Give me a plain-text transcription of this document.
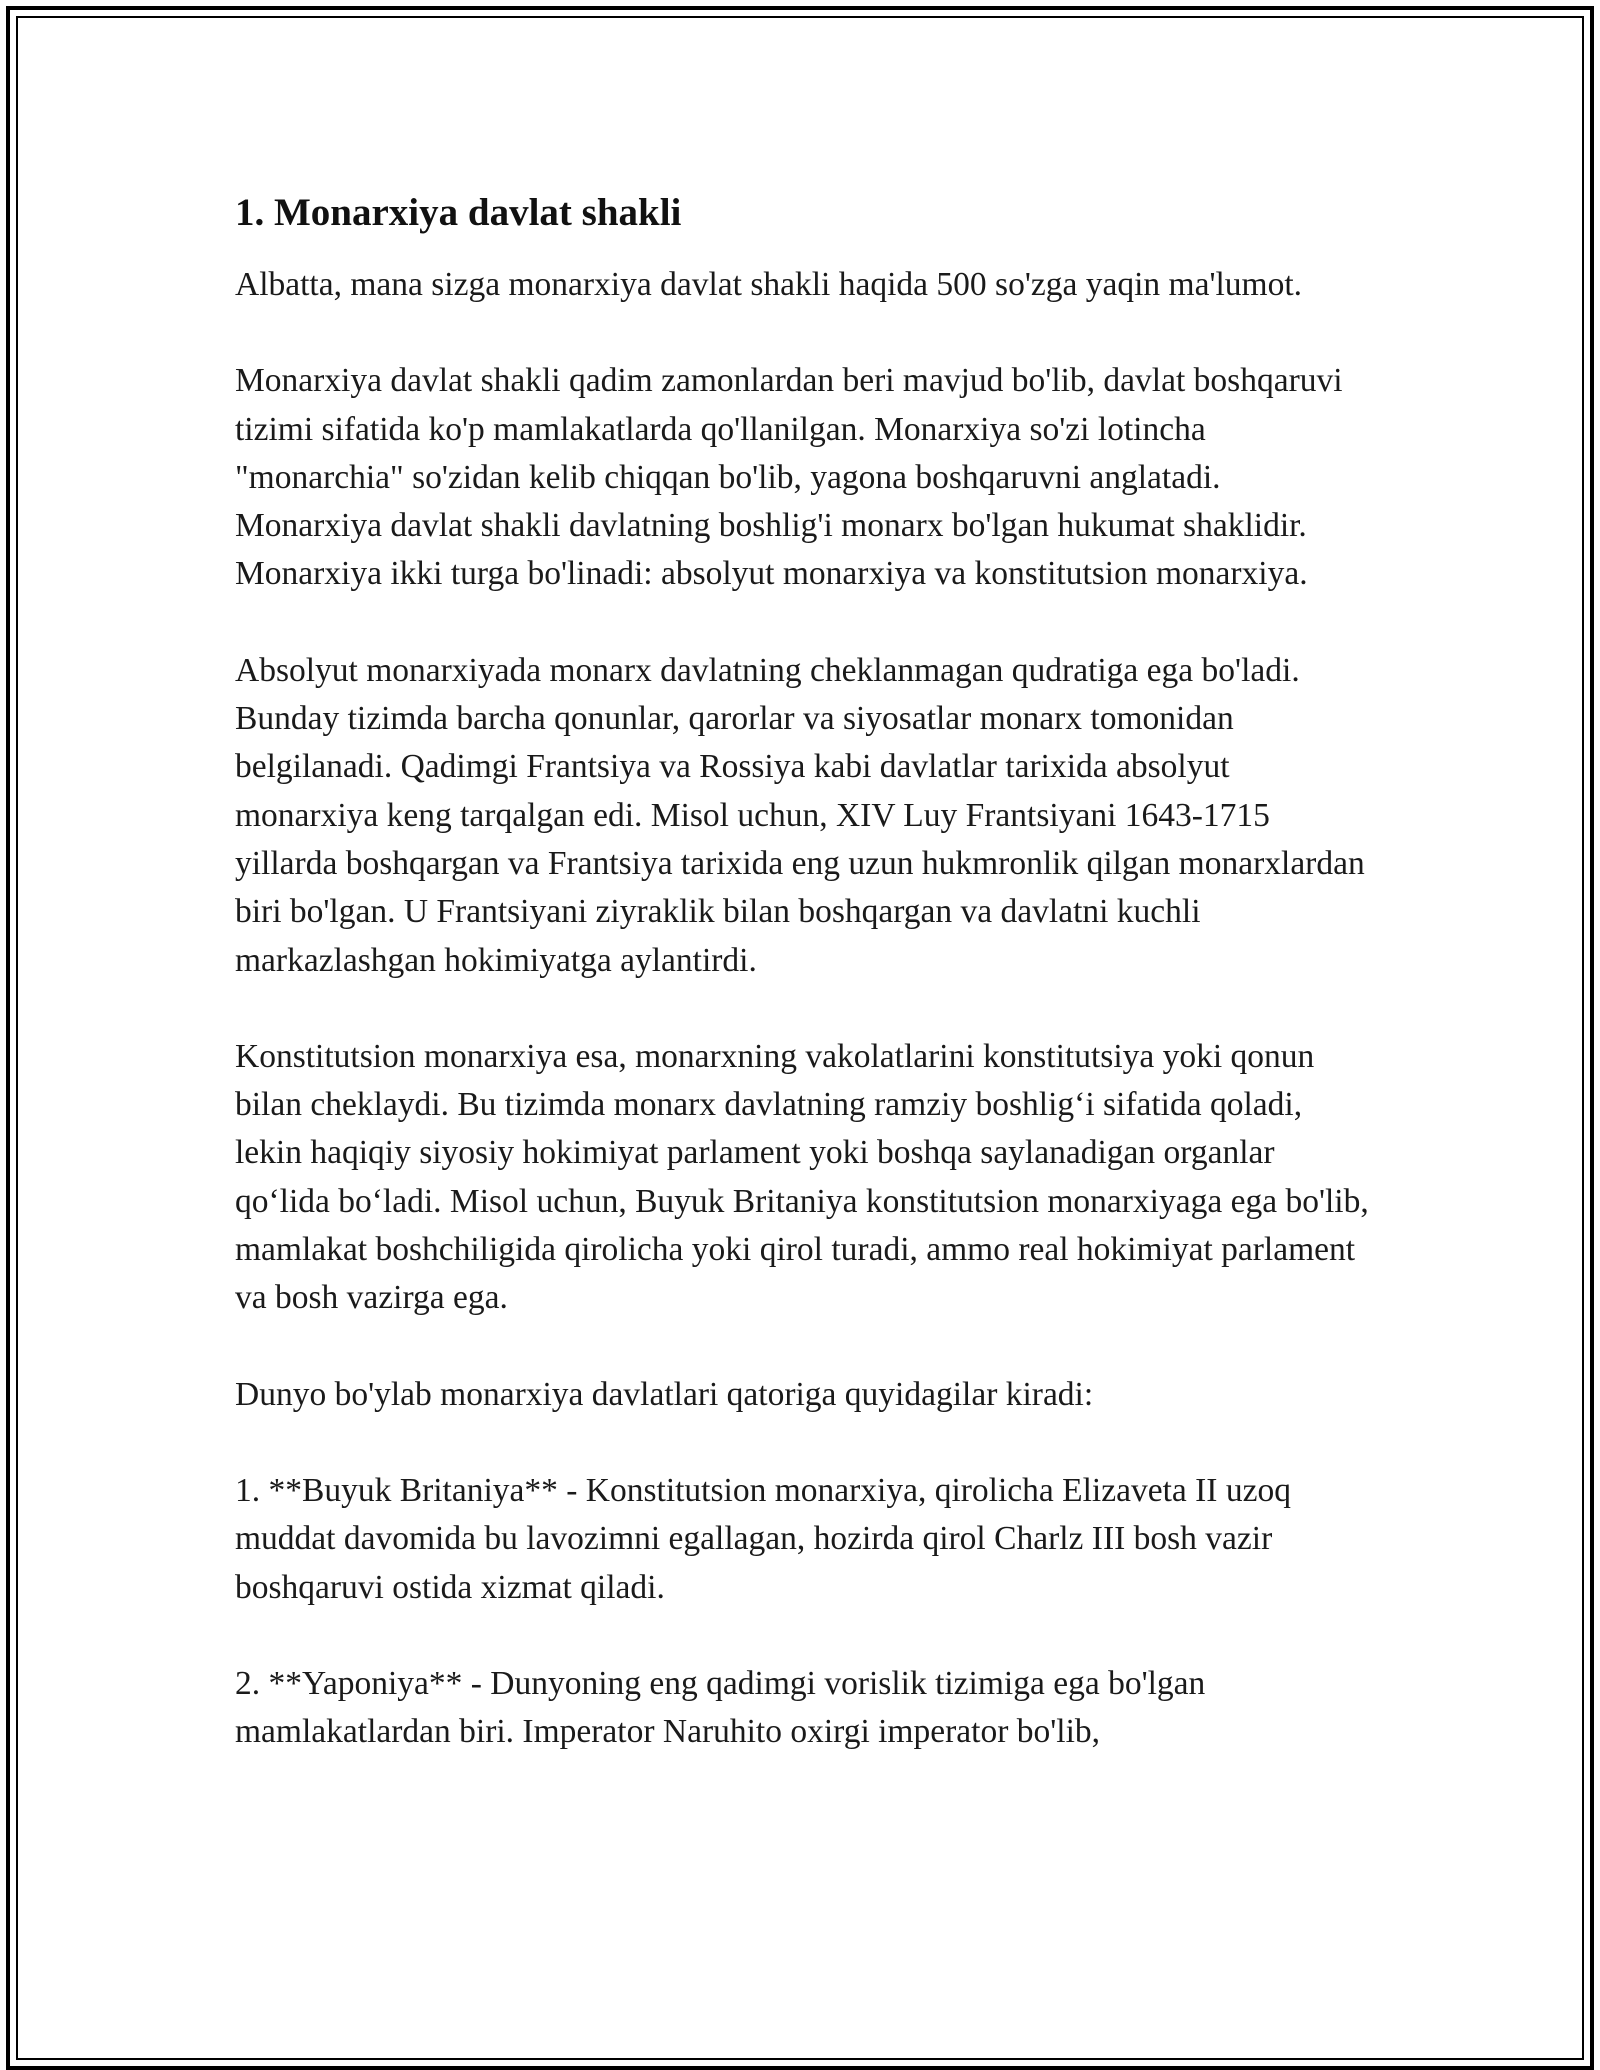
1. Monarxiya davlat shakli

Albatta, mana sizga monarxiya davlat shakli haqida 500 so'zga yaqin ma'lumot.

Monarxiya davlat shakli qadim zamonlardan beri mavjud bo'lib, davlat boshqaruvi tizimi sifatida ko'p mamlakatlarda qo'llanilgan. Monarxiya so'zi lotincha "monarchia" so'zidan kelib chiqqan bo'lib, yagona boshqaruvni anglatadi. Monarxiya davlat shakli davlatning boshlig'i monarx bo'lgan hukumat shaklidir. Monarxiya ikki turga bo'linadi: absolyut monarxiya va konstitutsion monarxiya.

Absolyut monarxiyada monarx davlatning cheklanmagan qudratiga ega bo'ladi. Bunday tizimda barcha qonunlar, qarorlar va siyosatlar monarx tomonidan belgilanadi. Qadimgi Frantsiya va Rossiya kabi davlatlar tarixida absolyut monarxiya keng tarqalgan edi. Misol uchun, XIV Luy Frantsiyani 1643-1715 yillarda boshqargan va Frantsiya tarixida eng uzun hukmronlik qilgan monarxlardan biri bo'lgan. U Frantsiyani ziyraklik bilan boshqargan va davlatni kuchli markazlashgan hokimiyatga aylantirdi.

Konstitutsion monarxiya esa, monarxning vakolatlarini konstitutsiya yoki qonun bilan cheklaydi. Bu tizimda monarx davlatning ramziy boshlig‘i sifatida qoladi, lekin haqiqiy siyosiy hokimiyat parlament yoki boshqa saylanadigan organlar qo‘lida bo‘ladi. Misol uchun, Buyuk Britaniya konstitutsion monarxiyaga ega bo'lib, mamlakat boshchiligida qirolicha yoki qirol turadi, ammo real hokimiyat parlament va bosh vazirga ega.

Dunyo bo'ylab monarxiya davlatlari qatoriga quyidagilar kiradi:

1. **Buyuk Britaniya** - Konstitutsion monarxiya, qirolicha Elizaveta II uzoq muddat davomida bu lavozimni egallagan, hozirda qirol Charlz III bosh vazir boshqaruvi ostida xizmat qiladi.

2. **Yaponiya** - Dunyoning eng qadimgi vorislik tizimiga ega bo'lgan mamlakatlardan biri. Imperator Naruhito oxirgi imperator bo'lib,
